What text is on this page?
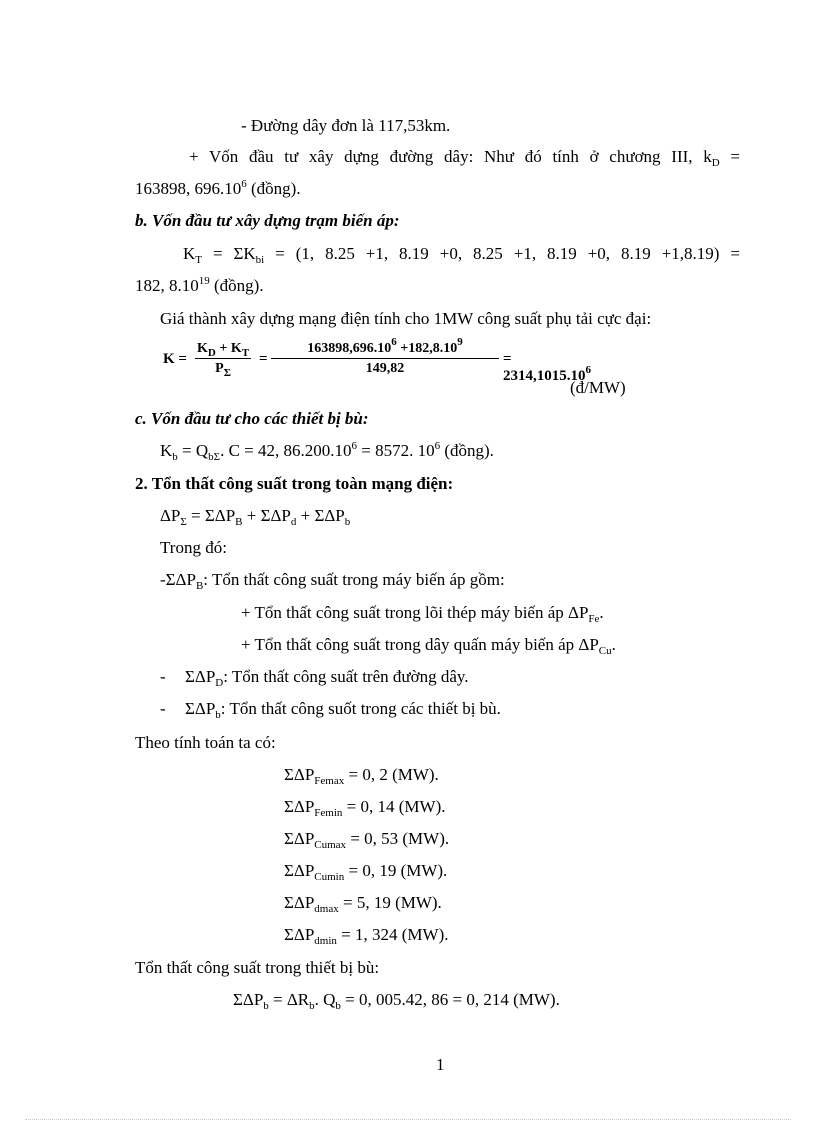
- Đường dây đơn là 117,53km.
+ Vốn đầu tư xây dựng đường dây: Như đó tính ở chương III, $k_D$ =
163898, 696.10$^6$ (đồng).
b. Vốn đầu tư xây dựng trạm biến áp:
$K_T = \Sigma K_{bi} = (1$, 8.25 +1, 8.19 +0, 8.25 +1, 8.19 +0, 8.19 +1,8.19) =
182, 8.10$^{19}$ (đồng).
Giá thành xây dựng mạng điện tính cho 1MW công suất phụ tải cực đại:
$K = \frac{K_D + K_T}{P_\Sigma} = \frac{163898,696.10^6 +182,8.10^9}{149,82} = 2314,1015.10^6$
(đ/MW)
c. Vốn đầu tư cho các thiết bị bù:
$K_b = Q_{b\Sigma}$. C = 42, $86.200.10^6 = 8572$. $10^6$ (đồng).
2. Tổn thất công suất trong toàn mạng điện:
$\Delta P_\Sigma = \Sigma\Delta P_B + \Sigma\Delta P_d + \Sigma\Delta P_b$
Trong đó:
$-\Sigma\Delta P_B$: Tổn thất công suất trong máy biến áp gồm:
+ Tổn thất công suất trong lõi thép máy biến áp $\Delta P_{Fe}$.
+ Tổn thất công suất trong dây quấn máy biến áp $\Delta P_{Cu}$.
- $\Sigma\Delta P_D$: Tổn thất công suất trên đường dây.
- $\Sigma\Delta P_b$: Tổn thất công suốt trong các thiết bị bù.
Theo tính toán ta có:
$\Sigma\Delta P_{Femax} = 0$, 2 (MW).
$\Sigma\Delta P_{Femin} = 0$, 14 (MW).
$\Sigma\Delta P_{Cumax} = 0$, 53 (MW).
$\Sigma\Delta P_{Cumin} = 0$, 19 (MW).
$\Sigma\Delta P_{dmax} = 5$, 19 (MW).
$\Sigma\Delta P_{dmin} = 1$, 324 (MW).
Tổn thất công suất trong thiết bị bù:
$\Sigma\Delta P_b = \Delta R_b$. $Q_b = 0$, 005.42, 86 = 0, 214 (MW).
1
